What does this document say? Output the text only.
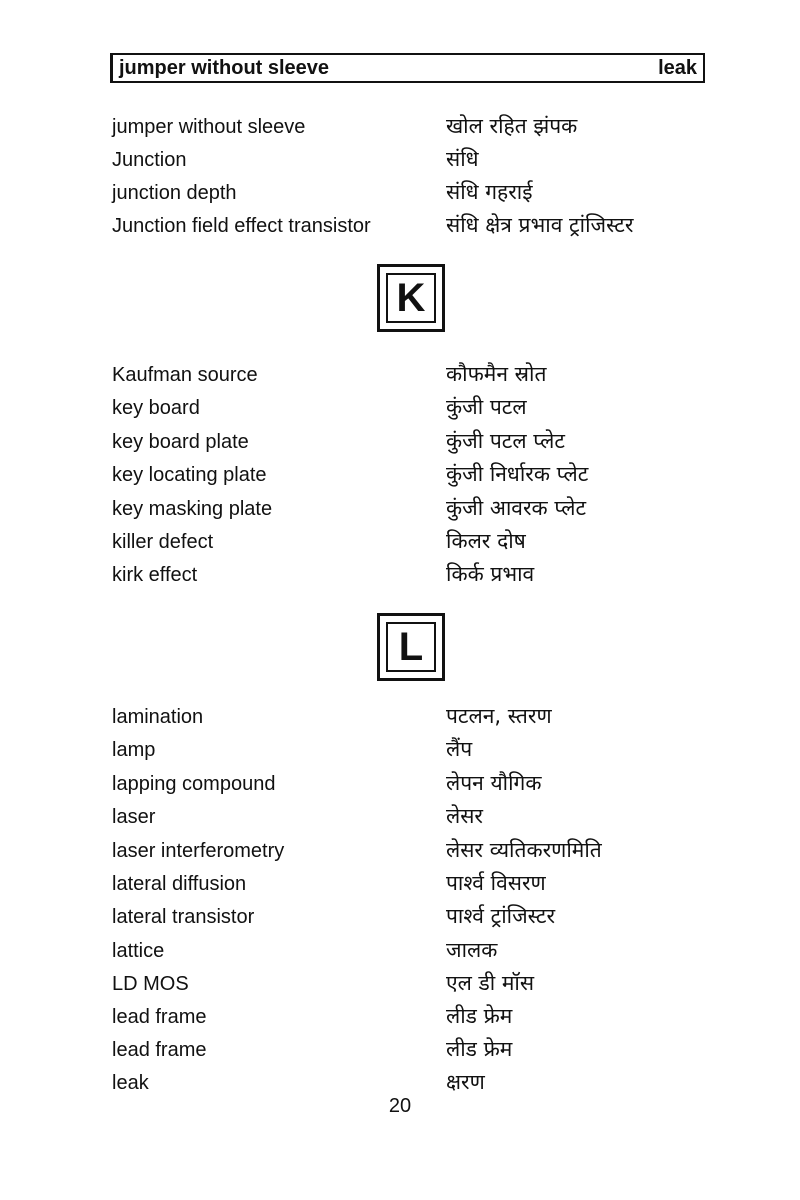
jumper without sleeve	leak
jumper without sleeve	खोल रहित झंपक
Junction	संधि
junction depth	संधि गहराई
Junction field effect transistor	संधि क्षेत्र प्रभाव ट्रांजिस्टर
K
Kaufman source	कौफमैन स्रोत
key board	कुंजी पटल
key board plate	कुंजी पटल प्लेट
key locating plate	कुंजी निर्धारक प्लेट
key masking plate	कुंजी आवरक प्लेट
killer defect	किलर दोष
kirk effect	किर्क प्रभाव
L
lamination	पटलन, स्तरण
lamp	लैंप
lapping compound	लेपन यौगिक
laser	लेसर
laser interferometry	लेसर व्यतिकरणमिति
lateral diffusion	पार्श्व विसरण
lateral transistor	पार्श्व ट्रांजिस्टर
lattice	जालक
LD MOS	एल डी मॉस
lead frame	लीड फ्रेम
lead frame	लीड फ्रेम
leak	क्षरण
20
